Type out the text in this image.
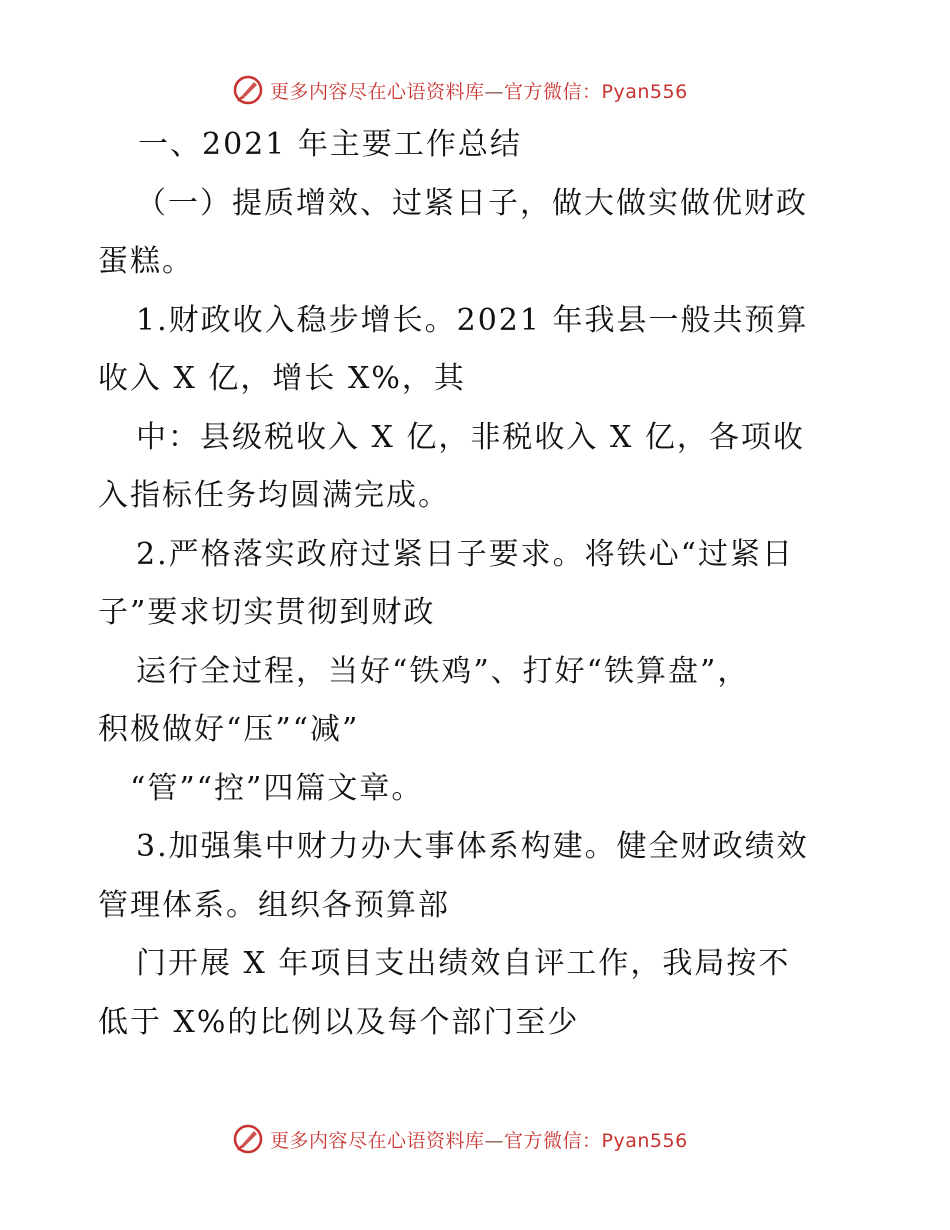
更多内容尽在心语资料库—官方微信：Pyan556
一、2021 年主要工作总结
（一）提质增效、过紧日子，做大做实做优财政
蛋糕。
1.财政收入稳步增长。2021 年我县一般共预算
收入 X 亿，增长 X%，其
中：县级税收入 X 亿，非税收入 X 亿，各项收
入指标任务均圆满完成。
2.严格落实政府过紧日子要求。将铁心“过紧日
子”要求切实贯彻到财政
运行全过程，当好“铁鸡”、打好“铁算盘”，
积极做好“压”“减”
“管”“控”四篇文章。
3.加强集中财力办大事体系构建。健全财政绩效
管理体系。组织各预算部
门开展 X 年项目支出绩效自评工作，我局按不
低于 X%的比例以及每个部门至少
更多内容尽在心语资料库—官方微信：Pyan556
